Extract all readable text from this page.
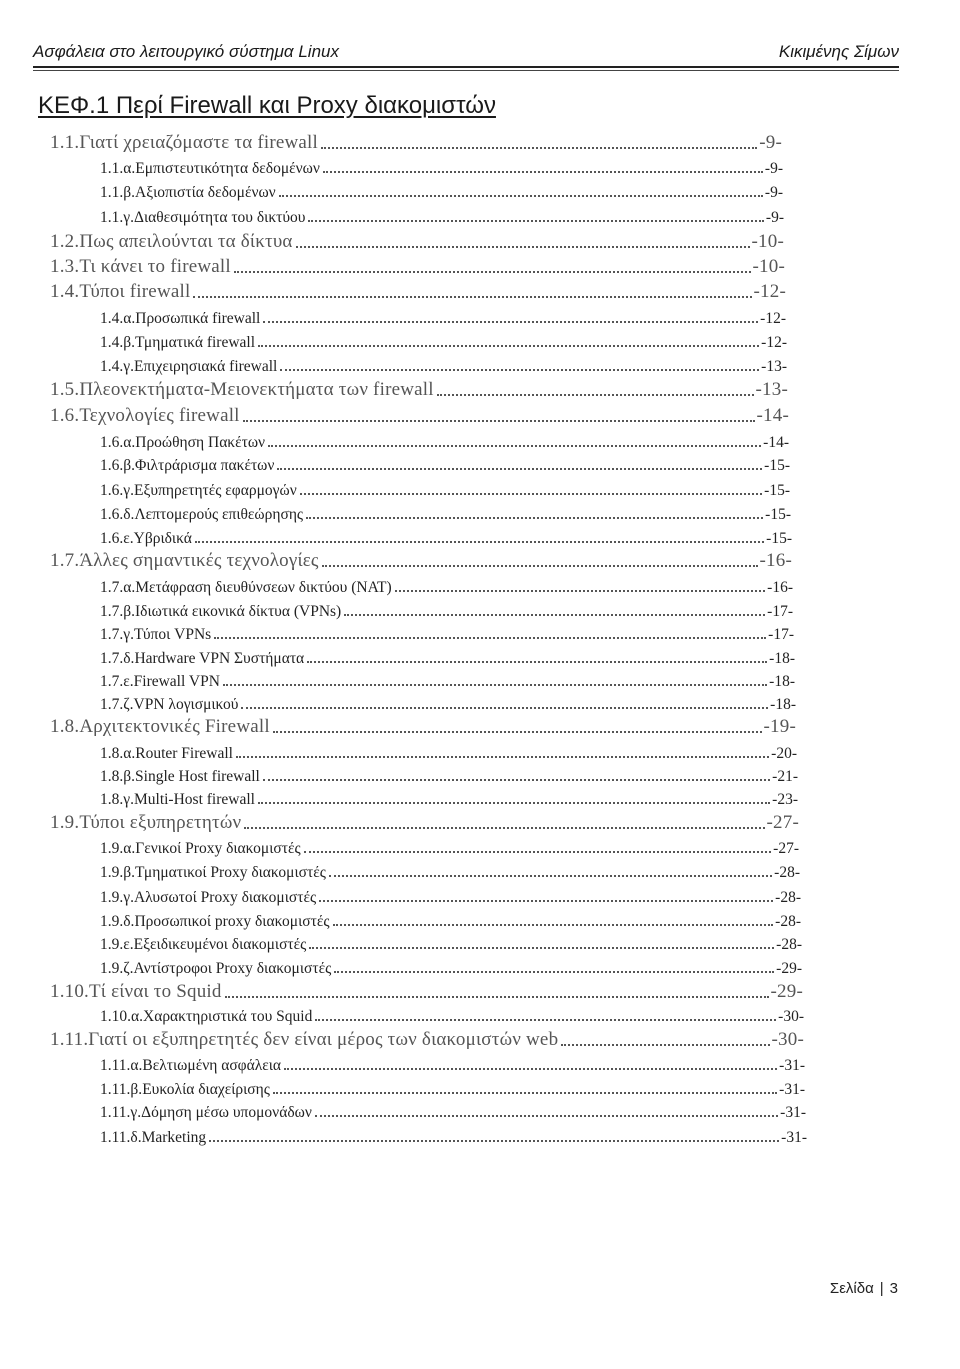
Ασφάλεια στο λειτουργικό σύστημα Linux	Κικιμένης Σίμων
ΚΕΦ.1 Περί Firewall και Proxy διακομιστών
1.1. Γιατί χρειαζόμαστε τα firewall	-9-
1.1.α. Εμπιστευτικότητα δεδομένων	-9-
1.1.β. Αξιοπιστία δεδομένων	-9-
1.1.γ. Διαθεσιμότητα του δικτύου	-9-
1.2. Πως απειλούνται τα δίκτυα	-10-
1.3. Τι κάνει το firewall	-10-
1.4. Τύποι firewall	-12-
1.4.α. Προσωπικά firewall	-12-
1.4.β. Τμηματικά firewall	-12-
1.4.γ. Επιχειρησιακά firewall	-13-
1.5. Πλεονεκτήματα-Μειονεκτήματα των firewall	-13-
1.6. Τεχνολογίες firewall	-14-
1.6.α. Προώθηση Πακέτων	-14-
1.6.β. Φιλτράρισμα πακέτων	-15-
1.6.γ. Εξυπηρετητές εφαρμογών	-15-
1.6.δ. Λεπτομερούς επιθεώρησης	-15-
1.6.ε. Υβριδικά	-15-
1.7. Άλλες σημαντικές τεχνολογίες	-16-
1.7.α. Μετάφραση διευθύνσεων δικτύου (NAT)	-16-
1.7.β. Ιδιωτικά εικονικά δίκτυα (VPNs)	-17-
1.7.γ. Τύποι VPNs	-17-
1.7.δ. Hardware VPN Συστήματα	-18-
1.7.ε. Firewall VPN	-18-
1.7.ζ. VPN λογισμικού	-18-
1.8. Αρχιτεκτονικές Firewall	-19-
1.8.α. Router Firewall	-20-
1.8.β. Single Host firewall	-21-
1.8.γ. Multi-Host firewall	-23-
1.9. Τύποι εξυπηρετητών	-27-
1.9.α. Γενικοί Proxy διακομιστές	-27-
1.9.β. Τμηματικοί Proxy διακομιστές	-28-
1.9.γ. Αλυσωτοί Proxy διακομιστές	-28-
1.9.δ. Προσωπικοί proxy διακομιστές	-28-
1.9.ε. Εξειδικευμένοι διακομιστές	-28-
1.9.ζ. Αντίστροφοι Proxy διακομιστές	-29-
1.10. Τί είναι το Squid	-29-
1.10.α. Χαρακτηριστικά του Squid	-30-
1.11. Γιατί οι εξυπηρετητές δεν είναι μέρος των διακομιστών web	-30-
1.11.α. Βελτιωμένη ασφάλεια	-31-
1.11.β. Ευκολία διαχείρισης	-31-
1.11.γ. Δόμηση μέσω υπομονάδων	-31-
1.11.δ. Marketing	-31-
Σελίδα | 3
